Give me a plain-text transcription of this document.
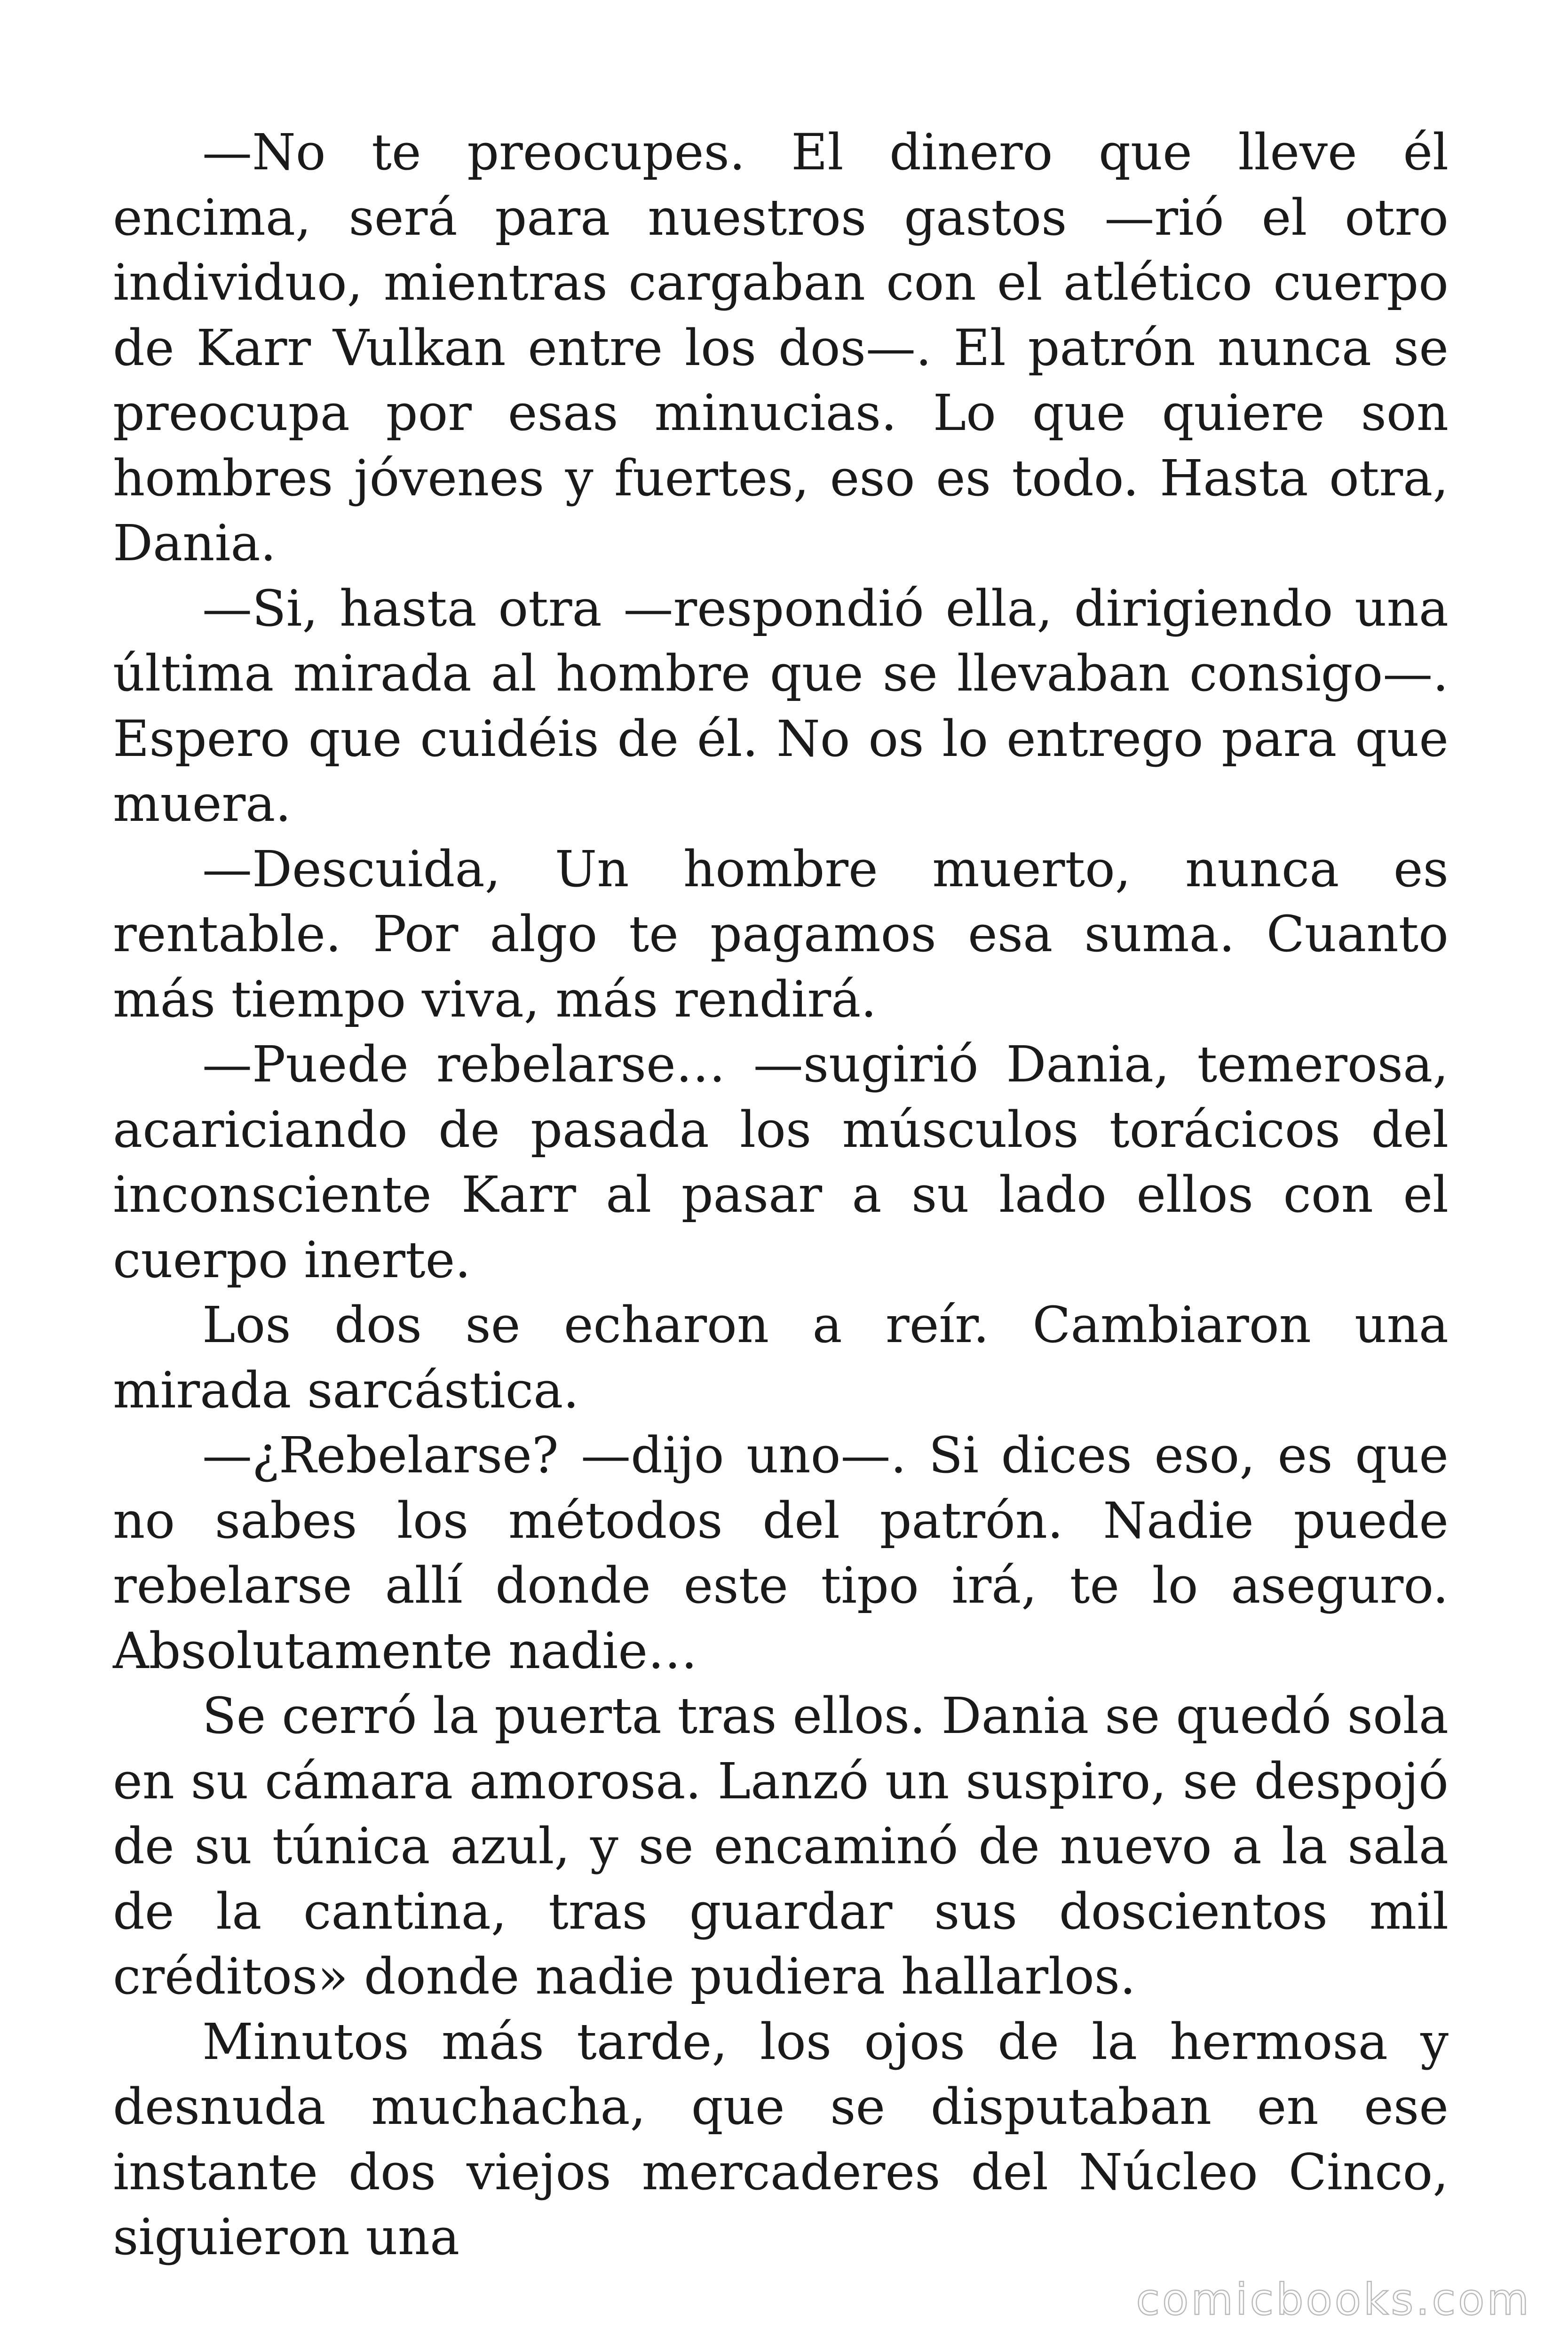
—No te preocupes. El dinero que lleve él encima, será para nuestros gastos —rió el otro individuo, mientras cargaban con el atlético cuerpo de Karr Vulkan entre los dos—. El patrón nunca se preocupa por esas minucias. Lo que quiere son hombres jóvenes y fuertes, eso es todo. Hasta otra, Dania.

—Si, hasta otra —respondió ella, dirigiendo una última mirada al hombre que se llevaban consigo—. Espero que cuidéis de él. No os lo entrego para que muera.

—Descuida, Un hombre muerto, nunca es rentable. Por algo te pagamos esa suma. Cuanto más tiempo viva, más rendirá.

—Puede rebelarse… —sugirió Dania, temerosa, acariciando de pasada los músculos torácicos del inconsciente Karr al pasar a su lado ellos con el cuerpo inerte.

Los dos se echaron a reír. Cambiaron una mirada sarcástica.

—¿Rebelarse? —dijo uno—. Si dices eso, es que no sabes los métodos del patrón. Nadie puede rebelarse allí donde este tipo irá, te lo aseguro. Absolutamente nadie…

Se cerró la puerta tras ellos. Dania se quedó sola en su cámara amorosa. Lanzó un suspiro, se despojó de su túnica azul, y se encaminó de nuevo a la sala de la cantina, tras guardar sus doscientos mil créditos» donde nadie pudiera hallarlos.

Minutos más tarde, los ojos de la hermosa y desnuda muchacha, que se disputaban en ese instante dos viejos mercaderes del Núcleo Cinco, siguieron una

comicbooks.com
